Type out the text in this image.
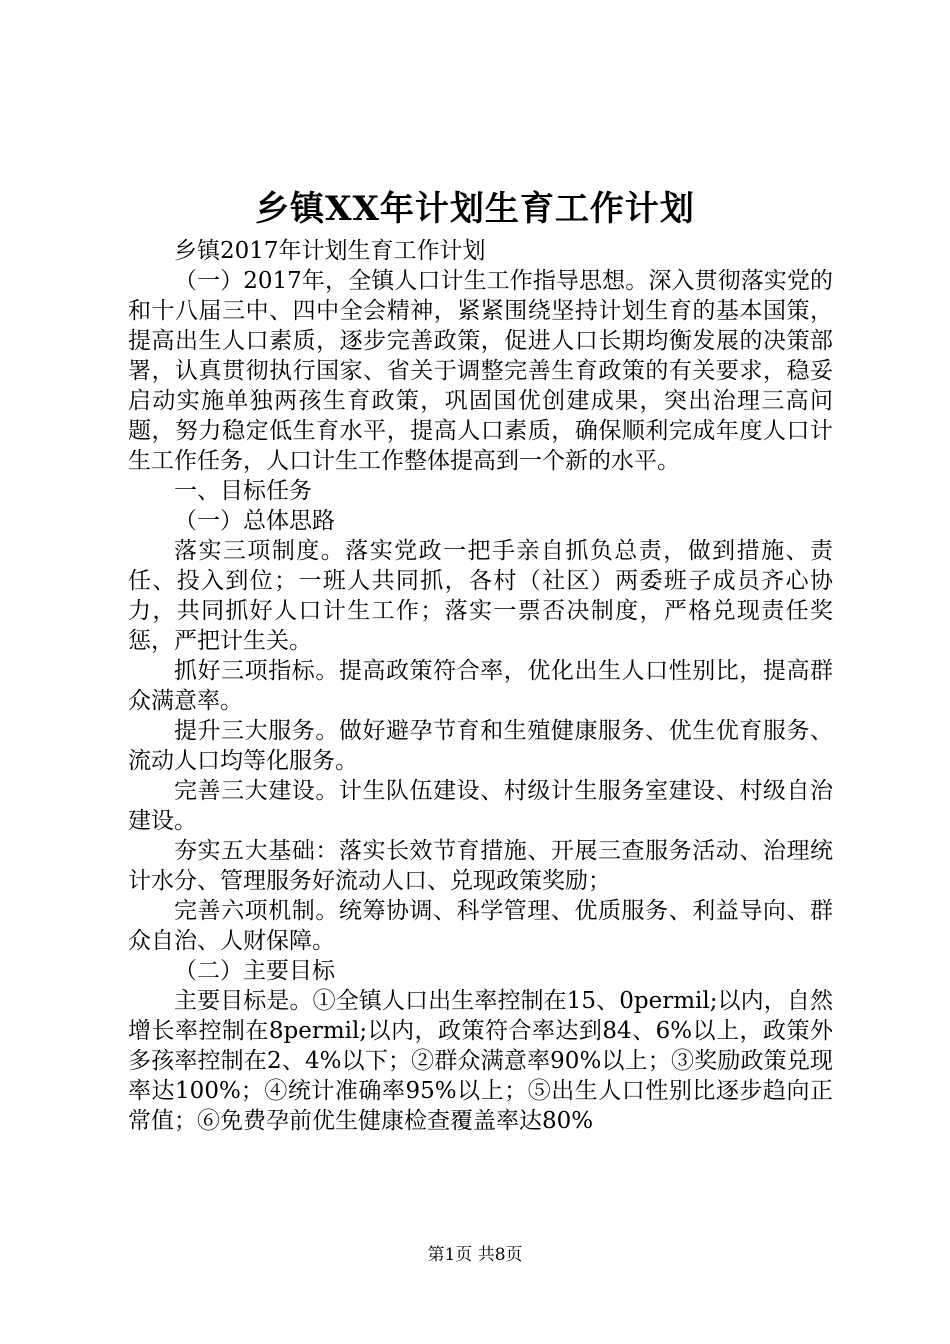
乡镇XX年计划生育工作计划

乡镇2017年计划生育工作计划

（一）2017年，全镇人口计生工作指导思想。深入贯彻落实党的和十八届三中、四中全会精神，紧紧围绕坚持计划生育的基本国策，提高出生人口素质，逐步完善政策，促进人口长期均衡发展的决策部署，认真贯彻执行国家、省关于调整完善生育政策的有关要求，稳妥启动实施单独两孩生育政策，巩固国优创建成果，突出治理三高问题，努力稳定低生育水平，提高人口素质，确保顺利完成年度人口计生工作任务，人口计生工作整体提高到一个新的水平。

一、目标任务

（一）总体思路

落实三项制度。落实党政一把手亲自抓负总责，做到措施、责任、投入到位；一班人共同抓，各村（社区）两委班子成员齐心协力，共同抓好人口计生工作；落实一票否决制度，严格兑现责任奖惩，严把计生关。

抓好三项指标。提高政策符合率，优化出生人口性别比，提高群众满意率。

提升三大服务。做好避孕节育和生殖健康服务、优生优育服务、流动人口均等化服务。

完善三大建设。计生队伍建设、村级计生服务室建设、村级自治建设。

夯实五大基础：落实长效节育措施、开展三查服务活动、治理统计水分、管理服务好流动人口、兑现政策奖励；

完善六项机制。统筹协调、科学管理、优质服务、利益导向、群众自治、人财保障。

（二）主要目标

主要目标是。①全镇人口出生率控制在15、0permil;以内，自然增长率控制在8permil;以内，政策符合率达到84、6%以上，政策外多孩率控制在2、4%以下；②群众满意率90%以上；③奖励政策兑现率达100%；④统计准确率95%以上；⑤出生人口性别比逐步趋向正常值；⑥免费孕前优生健康检查覆盖率达80%

第1页 共8页
